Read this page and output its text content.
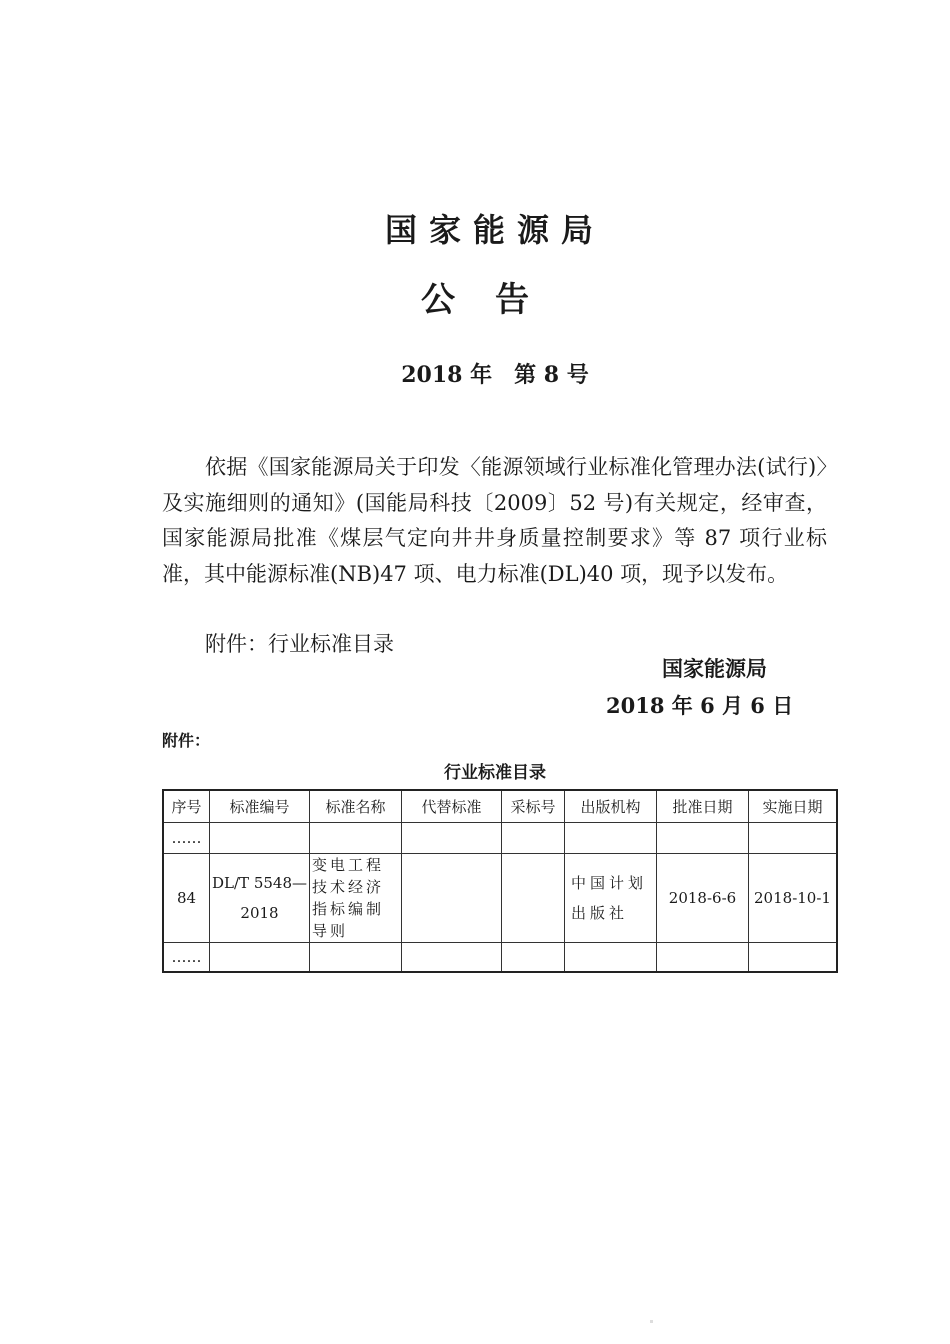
国家能源局
公告
2018 年　第 8 号

依据《国家能源局关于印发〈能源领域行业标准化管理办法(试行)〉及实施细则的通知》(国能局科技〔2009〕52 号)有关规定，经审查，国家能源局批准《煤层气定向井井身质量控制要求》等 87 项行业标准，其中能源标准(NB)47 项、电力标准(DL)40 项，现予以发布。

附件：行业标准目录
国家能源局
2018 年 6 月 6 日
附件：
行业标准目录
序号	标准编号	标准名称	代替标准	采标号	出版机构	批准日期	实施日期
……							
84	DL/T 5548—2018	变电工程技术经济指标编制导则			中国计划出版社	2018-6-6	2018-10-1
……							
